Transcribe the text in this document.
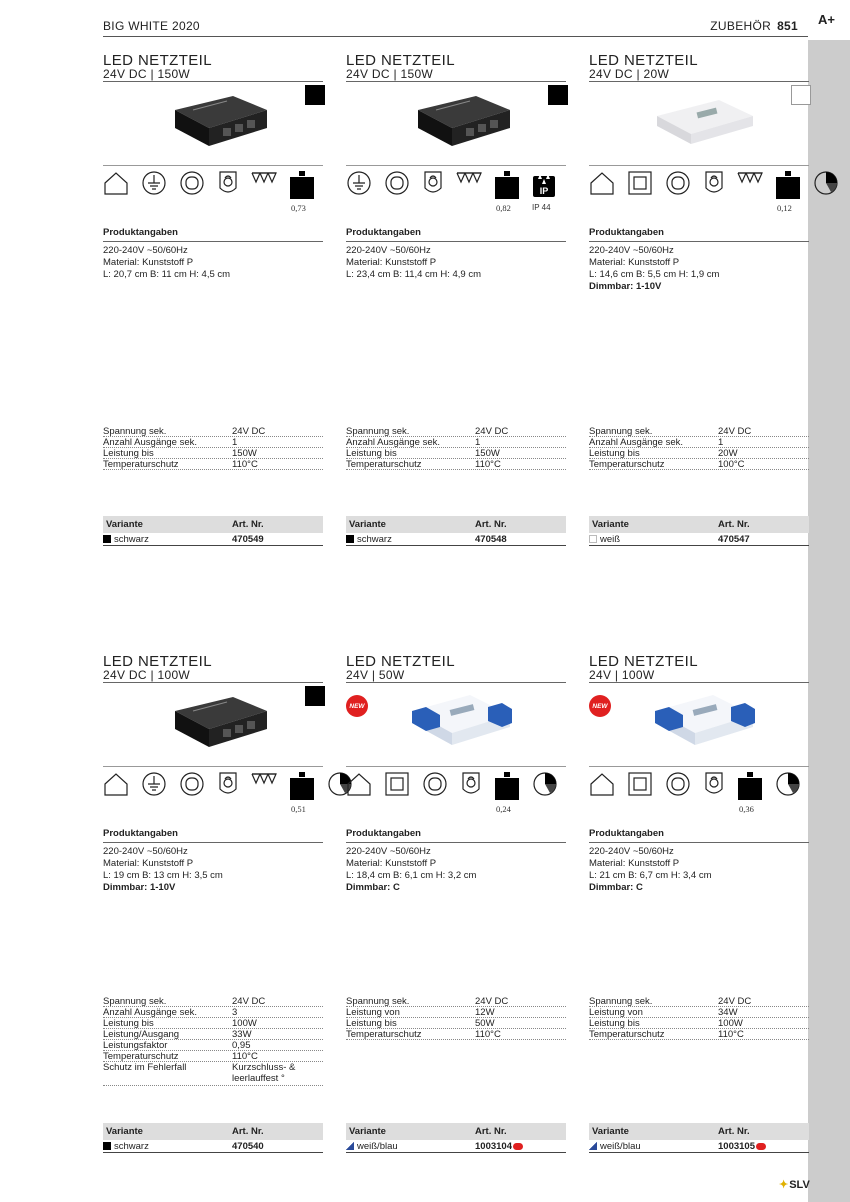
A+
BIG WHITE 2020	ZUBEHÖR 851
LED NETZTEIL
24V DC | 150W
0,73
Produktangaben
220-240V ~50/60Hz
Material: Kunststoff P
L: 20,7 cm B: 11 cm H: 4,5 cm
Spannung sek.	24V DC
Anzahl Ausgänge sek.	1
Leistung bis	150W
Temperaturschutz	110°C
Variante	Art. Nr.
schwarz	470549
LED NETZTEIL
24V DC | 150W
0,82
IP
IP 44
Produktangaben
220-240V ~50/60Hz
Material: Kunststoff P
L: 23,4 cm B: 11,4 cm H: 4,9 cm
Spannung sek.	24V DC
Anzahl Ausgänge sek.	1
Leistung bis	150W
Temperaturschutz	110°C
Variante	Art. Nr.
schwarz	470548
LED NETZTEIL
24V DC | 20W
0,12
Produktangaben
220-240V ~50/60Hz
Material: Kunststoff P
L: 14,6 cm B: 5,5 cm H: 1,9 cm
Dimmbar: 1-10V
Spannung sek.	24V DC
Anzahl Ausgänge sek.	1
Leistung bis	20W
Temperaturschutz	100°C
Variante	Art. Nr.
weiß	470547
LED NETZTEIL
24V DC | 100W
0,51
Produktangaben
220-240V ~50/60Hz
Material: Kunststoff P
L: 19 cm B: 13 cm H: 3,5 cm
Dimmbar: 1-10V
Spannung sek.	24V DC
Anzahl Ausgänge sek.	3
Leistung bis	100W
Leistung/Ausgang	33W
Leistungsfaktor	0,95
Temperaturschutz	110°C
Schutz im Fehlerfall	Kurzschluss- & leerlauffest °
Variante	Art. Nr.
schwarz	470540
LED NETZTEIL
24V | 50W
NEW
0,24
Produktangaben
220-240V ~50/60Hz
Material: Kunststoff P
L: 18,4 cm B: 6,1 cm H: 3,2 cm
Dimmbar: C
Spannung sek.	24V DC
Leistung von	12W
Leistung bis	50W
Temperaturschutz	110°C
Variante	Art. Nr.
weiß/blau	1003104
LED NETZTEIL
24V | 100W
NEW
0,36
Produktangaben
220-240V ~50/60Hz
Material: Kunststoff P
L: 21 cm B: 6,7 cm H: 3,4 cm
Dimmbar: C
Spannung sek.	24V DC
Leistung von	34W
Leistung bis	100W
Temperaturschutz	110°C
Variante	Art. Nr.
weiß/blau	1003105
✦SLV
